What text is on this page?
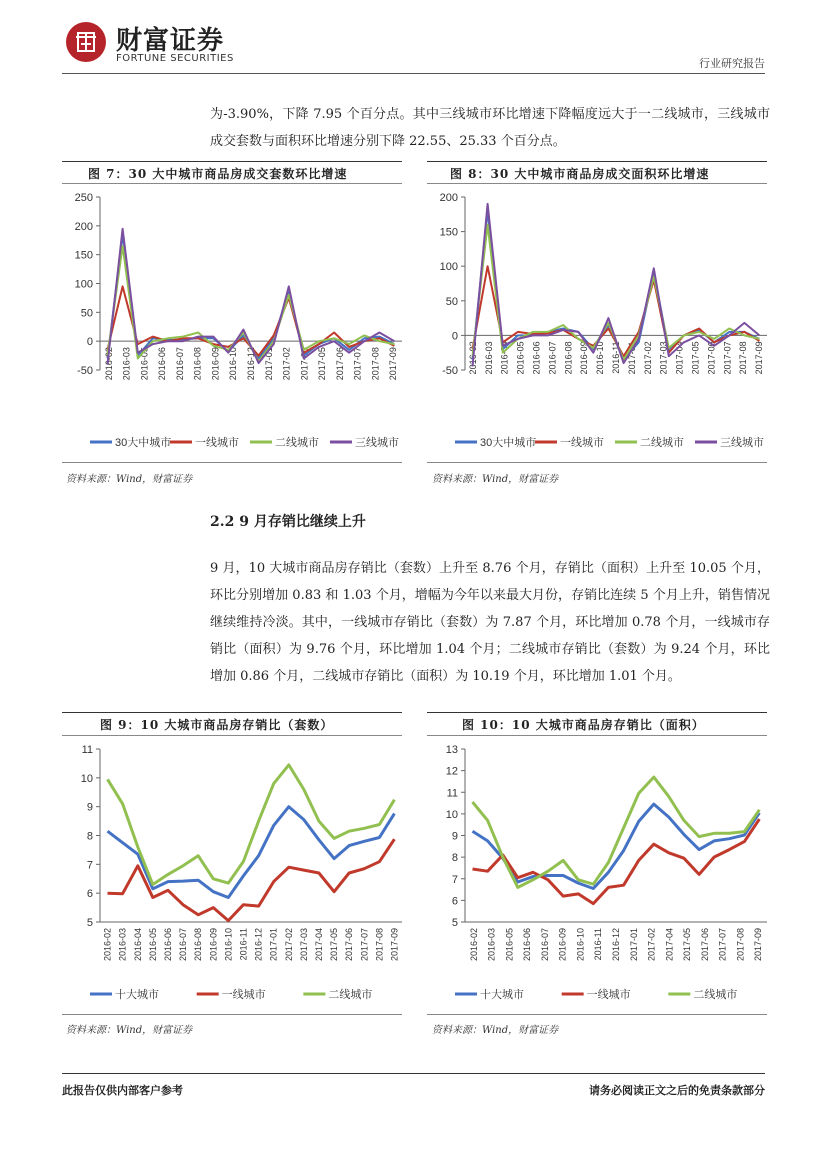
财富证券
FORTUNE SECURITIES	行业研究报告
为-3.90%，下降 7.95 个百分点。其中三线城市环比增速下降幅度远大于一二线城市，三线城市成交套数与面积环比增速分别下降 22.55、25.33 个百分点。
图 7：30 大中城市商品房成交套数环比增速
-50
0
50
100
150
200
250
2016-02 2016-03 2016-05 2016-06 2016-07 2016-08 2016-09 2016-10 2016-12 2017-01 2017-02 2017-03 2017-05 2017-06 2017-07 2017-08 2017-09
30大中城市 一线城市	二线城市	三线城市
资料来源：Wind，财富证券
图 8：30 大中城市商品房成交面积环比增速
-50
0
50
100
150
200
2016-02 2016-03 2016-04 2016-05 2016-06 2016-07 2016-08 2016-09 2016-10 2016-11 2017-01 2017-02 2017-03 2017-04 2017-05 2017-06 2017-07 2017-08 2017-09
30大中城市 一线城市	二线城市	三线城市
资料来源：Wind，财富证券
2.2 9 月存销比继续上升
9 月，10 大城市商品房存销比（套数）上升至 8.76 个月，存销比（面积）上升至 10.05 个月，环比分别增加 0.83 和 1.03 个月，增幅为今年以来最大月份，存销比连续 5 个月上升，销售情况继续维持冷淡。其中，一线城市存销比（套数）为 7.87 个月，环比增加 0.78 个月，一线城市存销比（面积）为 9.76 个月，环比增加 1.04 个月；二线城市存销比（套数）为 9.24 个月，环比增加 0.86 个月，二线城市存销比（面积）为 10.19 个月，环比增加 1.01 个月。
图 9：10 大城市商品房存销比（套数）
5
6
7
8
9
10
11
2016-02 2016-03 2016-04 2016-05 2016-06 2016-07 2016-08 2016-09 2016-10 2016-11 2016-12 2017-01 2017-02 2017-03 2017-04 2017-05 2017-06 2017-07 2017-08 2017-09
十大城市	一线城市	二线城市
资料来源：Wind，财富证券
图 10：10 大城市商品房存销比（面积）
5
6
7
8
9
10
11
12
13
2016-02 2016-03 2016-05 2016-06 2016-07 2016-09 2016-10 2016-11 2016-12 2017-01 2017-02 2017-04 2017-05 2017-06 2017-07 2017-08 2017-09
十大城市	一线城市	二线城市
资料来源：Wind，财富证券
此报告仅供内部客户参考	请务必阅读正文之后的免责条款部分
